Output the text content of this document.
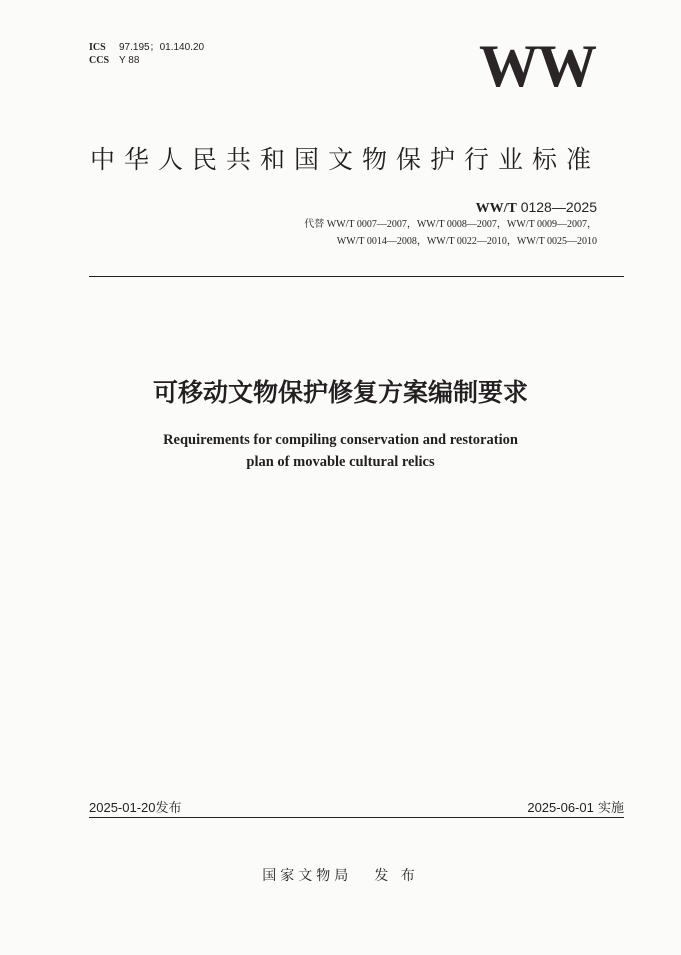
ICS 97.195；01.140.20
CCS Y 88	WW
中华人民共和国文物保护行业标准
WW/T 0128—2025
代替 WW/T 0007—2007，WW/T 0008—2007，WW/T 0009—2007，
WW/T 0014—2008，WW/T 0022—2010，WW/T 0025—2010
可移动文物保护修复方案编制要求
Requirements for compiling conservation and restoration
plan of movable cultural relics
2025-01-20发布	2025-06-01 实施
国家文物局 发 布
